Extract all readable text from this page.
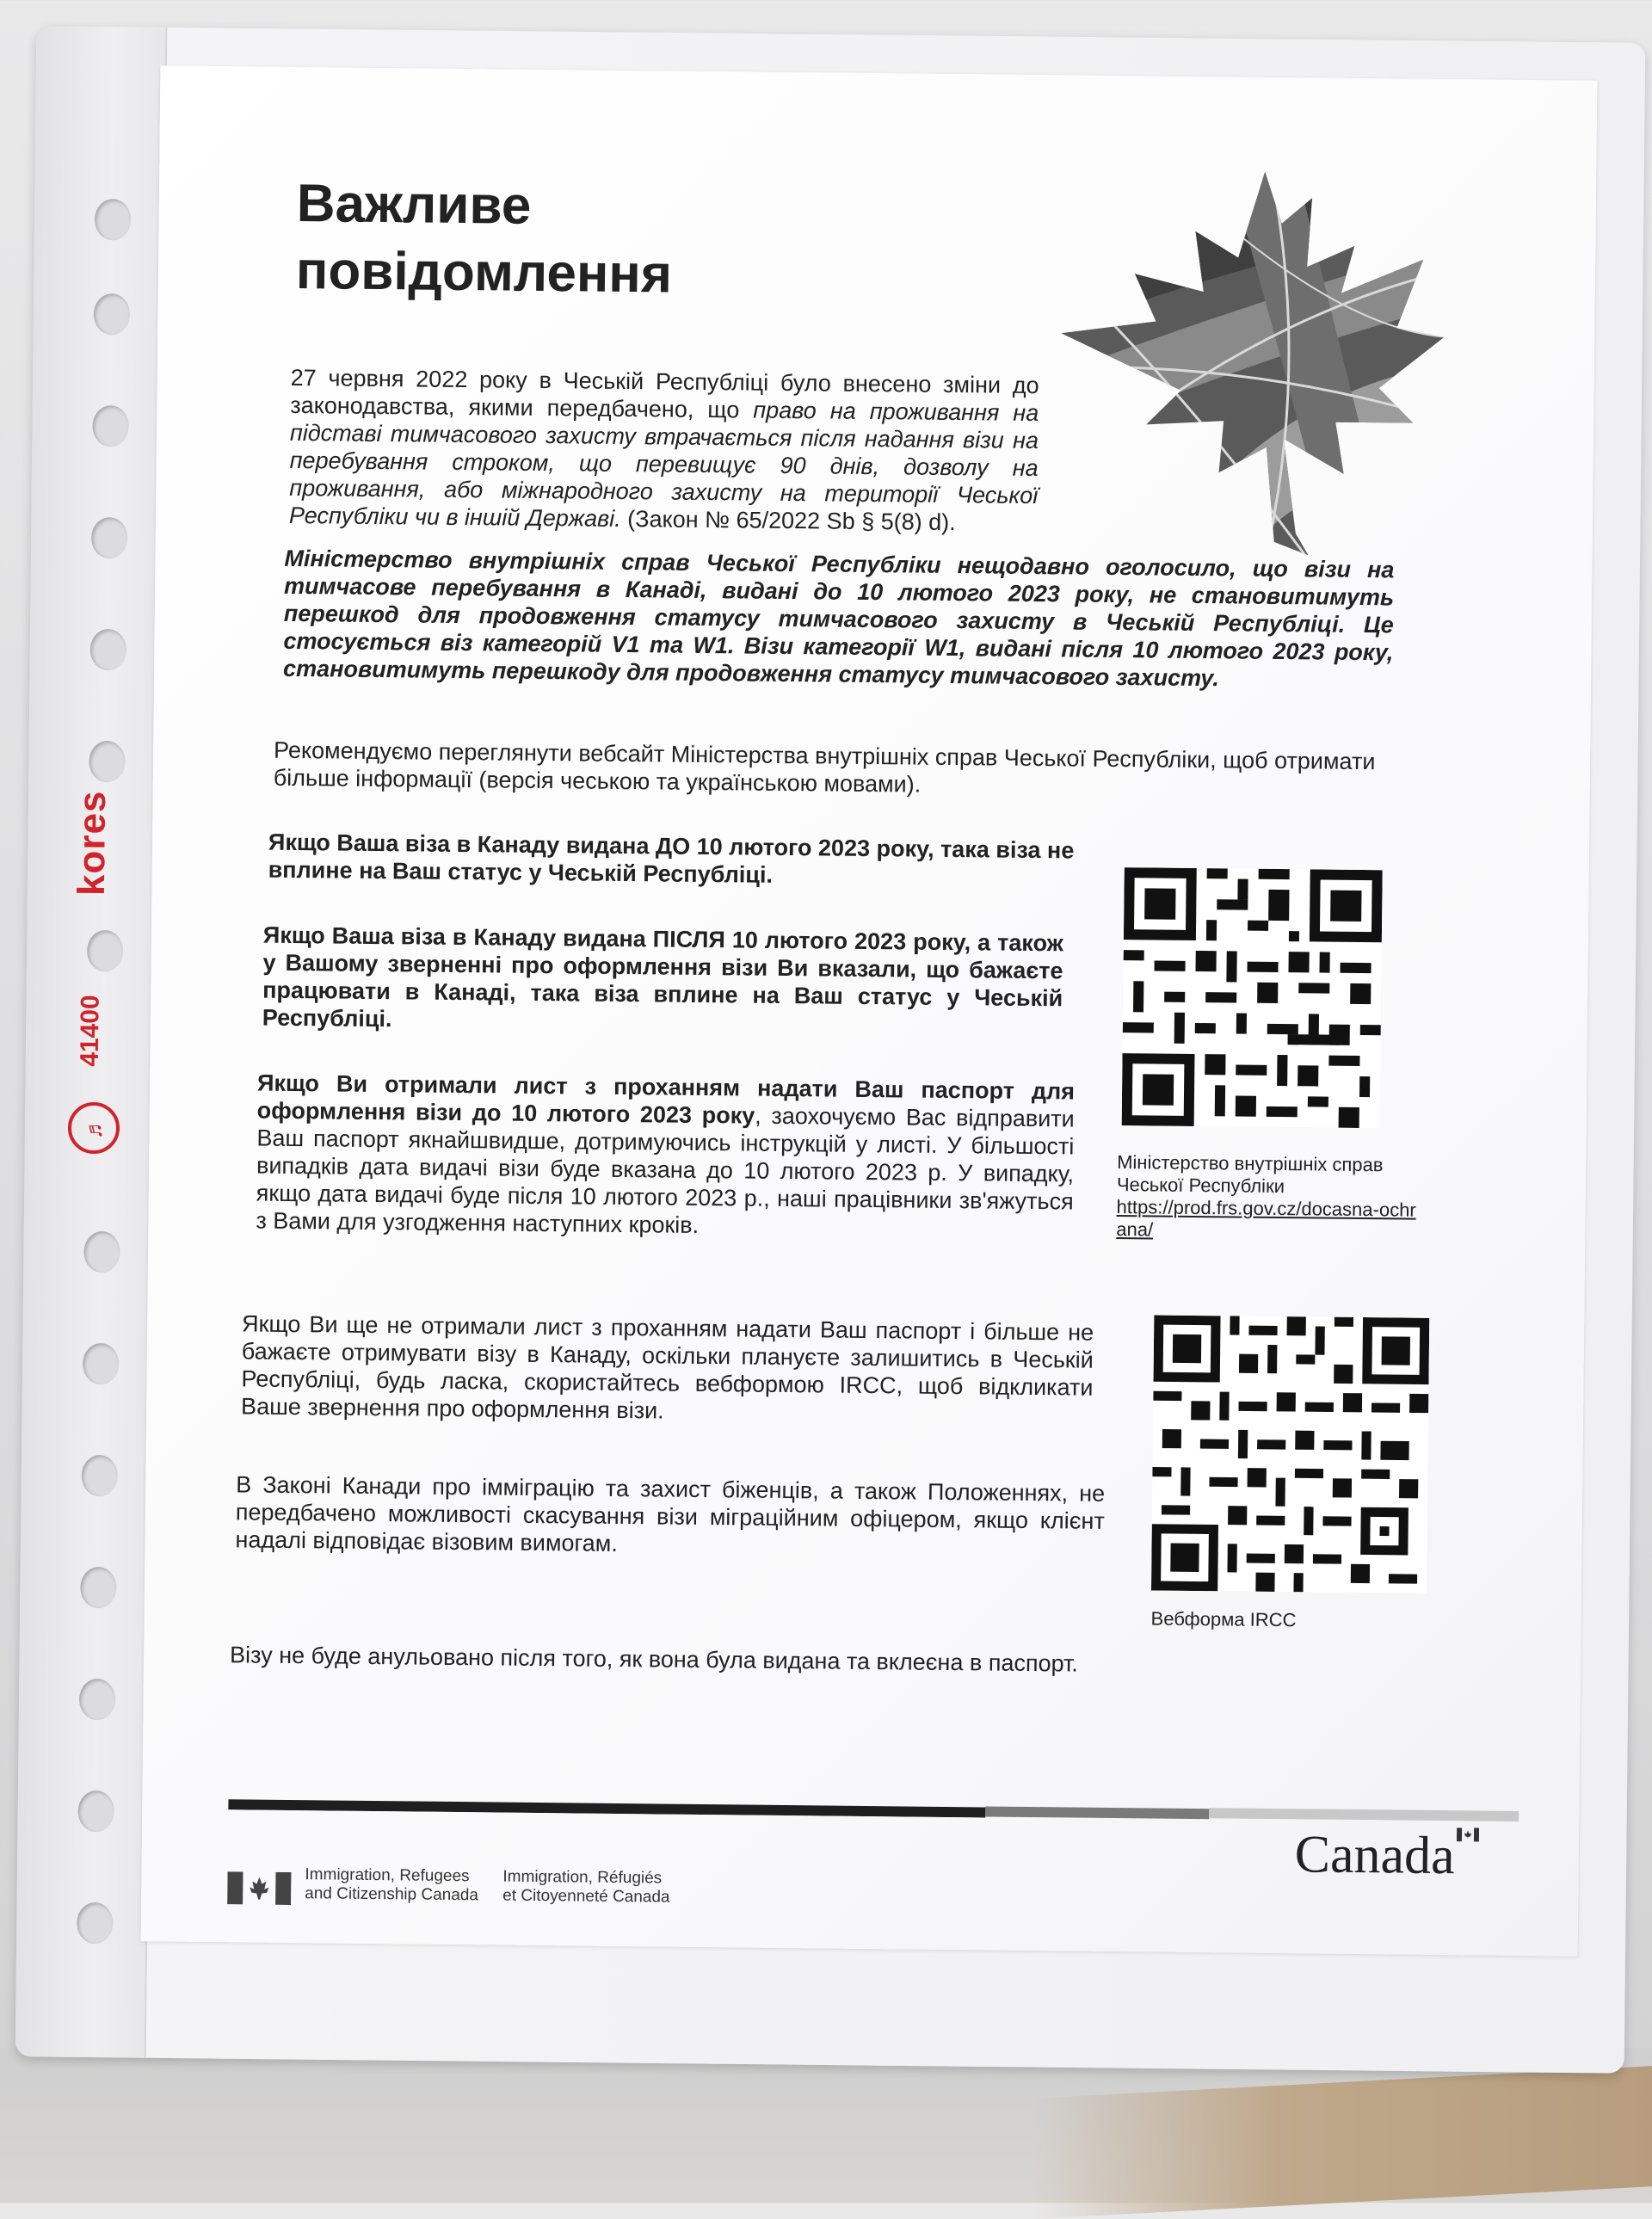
kores
41400
♬
Важливе
повідомлення

27 червня 2022 року в Чеській Республіці було внесено зміни до законодавства, якими передбачено, що право на проживання на підставі тимчасового захисту втрачається після надання візи на перебування строком, що перевищує 90 днів, дозволу на проживання, або міжнародного захисту на території Чеської Республіки чи в іншій Державі. (Закон № 65/2022 Sb § 5(8) d).

Міністерство внутрішніх справ Чеської Республіки нещодавно оголосило, що візи на тимчасове перебування в Канаді, видані до 10 лютого 2023 року, не становитимуть перешкод для продовження статусу тимчасового захисту в Чеській Республіці. Це стосується віз категорій V1 та W1. Візи категорії W1, видані після 10 лютого 2023 року, становитимуть перешкоду для продовження статусу тимчасового захисту.

Рекомендуємо переглянути вебсайт Міністерства внутрішніх справ Чеської Республіки, щоб отримати більше інформації (версія чеською та українською мовами).

Якщо Ваша віза в Канаду видана ДО 10 лютого 2023 року, така віза не вплине на Ваш статус у Чеській Республіці.

Якщо Ваша віза в Канаду видана ПІСЛЯ 10 лютого 2023 року, а також у Вашому зверненні про оформлення візи Ви вказали, що бажаєте працювати в Канаді, така віза вплине на Ваш статус у Чеській Республіці.

Якщо Ви отримали лист з проханням надати Ваш паспорт для оформлення візи до 10 лютого 2023 року, заохочуємо Вас відправити Ваш паспорт якнайшвидше, дотримуючись інструкцій у листі. У більшості випадків дата видачі візи буде вказана до 10 лютого 2023 р. У випадку, якщо дата видачі буде після 10 лютого 2023 р., наші працівники зв'яжуться з Вами для узгодження наступних кроків.

Якщо Ви ще не отримали лист з проханням надати Ваш паспорт і більше не бажаєте отримувати візу в Канаду, оскільки плануєте залишитись в Чеській Республіці, будь ласка, скористайтесь вебформою IRCC, щоб відкликати Ваше звернення про оформлення візи.

В Законі Канади про імміграцію та захист біженців, а також Положеннях, не передбачено можливості скасування візи міграційним офіцером, якщо клієнт надалі відповідає візовим вимогам.

Візу не буде анульовано після того, як вона була видана та вклеєна в паспорт.

Міністерство внутрішніх справ Чеської Республіки
https://prod.frs.gov.cz/docasna-ochrana/

Вебформа IRCC

Immigration, Refugees
and Citizenship Canada

Immigration, Réfugiés
et Citoyenneté Canada

Canada
